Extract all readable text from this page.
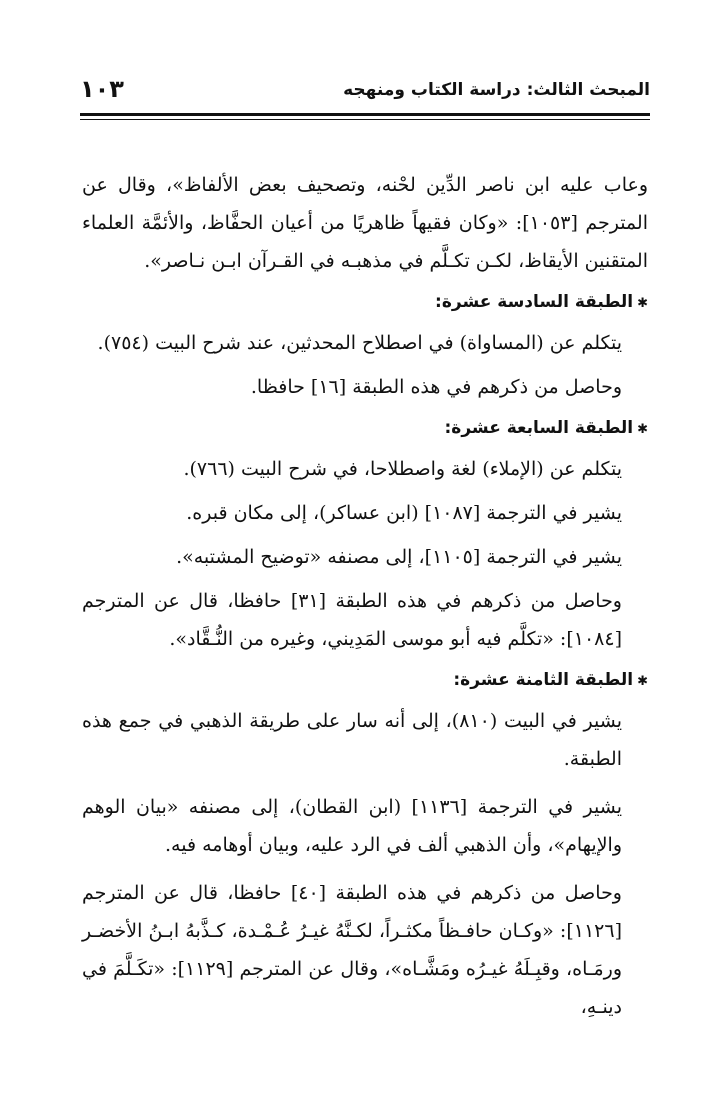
المبحث الثالث: دراسة الكتاب ومنهجه
١٠٣

وعاب عليه ابن ناصر الدِّين لحْنه، وتصحيف بعض الألفاظ»، وقال عن المترجم [١٠٥٣]: «وكان فقيهاً ظاهريًا من أعيان الحفَّاظ، والأئمَّة العلماء المتقنين الأيقاظ، لكـن تكـلَّم في مذهبـه في القـرآن ابـن نـاصر».

✱الطبقة السادسة عشرة:

يتكلم عن (المساواة) في اصطلاح المحدثين، عند شرح البيت (٧٥٤).

وحاصل من ذكرهم في هذه الطبقة [١٦] حافظا.

✱الطبقة السابعة عشرة:

يتكلم عن (الإملاء) لغة واصطلاحا، في شرح البيت (٧٦٦).

يشير في الترجمة [١٠٨٧] (ابن عساكر)، إلى مكان قبره.

يشير في الترجمة [١١٠٥]، إلى مصنفه «توضيح المشتبه».

وحاصل من ذكرهم في هذه الطبقة [٣١] حافظا، قال عن المترجم [١٠٨٤]: «تكلَّم فيه أبو موسى المَدِيني، وغيره من النُّـقَّاد».

✱الطبقة الثامنة عشرة:

يشير في البيت (٨١٠)، إلى أنه سار على طريقة الذهبي في جمع هذه الطبقة.

يشير في الترجمة [١١٣٦] (ابن القطان)، إلى مصنفه «بيان الوهم والإيهام»، وأن الذهبي ألف في الرد عليه، وبيان أوهامه فيه.

وحاصل من ذكرهم في هذه الطبقة [٤٠] حافظا، قال عن المترجم [١١٢٦]: «وكـان حافـظاً مكثـراً، لكـنَّهُ غيـرُ عُـمْـدة، كـذَّبهُ ابـنُ الأخضـر ورمَـاه، وقبِـلَهُ غيـرُه ومَشَّـاه»، وقال عن المترجم [١١٢٩]: «تكَـلَّمَ في دينـهِ،
